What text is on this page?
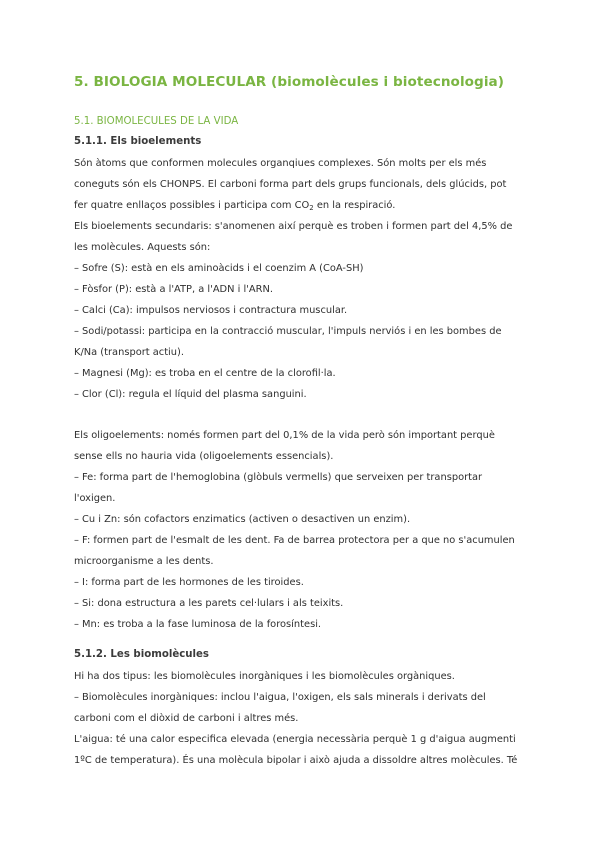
5. BIOLOGIA MOLECULAR (biomolècules i biotecnologia)
5.1. BIOMOLECULES DE LA VIDA
5.1.1. Els bioelements

Són àtoms que conformen molecules organqiues complexes. Són molts per els més
coneguts són els CHONPS. El carboni forma part dels grups funcionals, dels glúcids, pot
fer quatre enllaços possibles i participa com $CO_2$ en la respiració.

Els bioelements secundaris: s'anomenen així perquè es troben i formen part del 4,5% de
les molècules. Aquests són:

– Sofre (S): està en els aminoàcids i el coenzim A (CoA-SH)
– Fòsfor (P): està a l'ATP, a l'ADN i l'ARN.
– Calci (Ca): impulsos nerviosos i contractura muscular.
– Sodi/potassi: participa en la contracció muscular, l'impuls nerviós i en les bombes de
K/Na (transport actiu).
– Magnesi (Mg): es troba en el centre de la clorofil·la.
– Clor (Cl): regula el líquid del plasma sanguini.

Els oligoelements: només formen part del 0,1% de la vida però són important perquè
sense ells no hauria vida (oligoelements essencials).
– Fe: forma part de l'hemoglobina (glòbuls vermells) que serveixen per transportar
l'oxigen.
– Cu i Zn: són cofactors enzimatics (activen o desactiven un enzim).
– F: formen part de l'esmalt de les dent. Fa de barrea protectora per a que no s'acumulen
microorganisme a les dents.
– I: forma part de les hormones de les tiroides.
– Si: dona estructura a les parets cel·lulars i als teixits.
– Mn: es troba a la fase luminosa de la forosíntesi.

5.1.2. Les biomolècules

Hi ha dos tipus: les biomolècules inorgàniques i les biomolècules orgàniques.
– Biomolècules inorgàniques: inclou l'aigua, l'oxigen, els sals minerals i derivats del
carboni com el diòxid de carboni i altres més.
L'aigua: té una calor especifica elevada (energia necessària perquè 1 g d'aigua augmenti
1ºC de temperatura). És una molècula bipolar i això ajuda a dissoldre altres molècules. Té
